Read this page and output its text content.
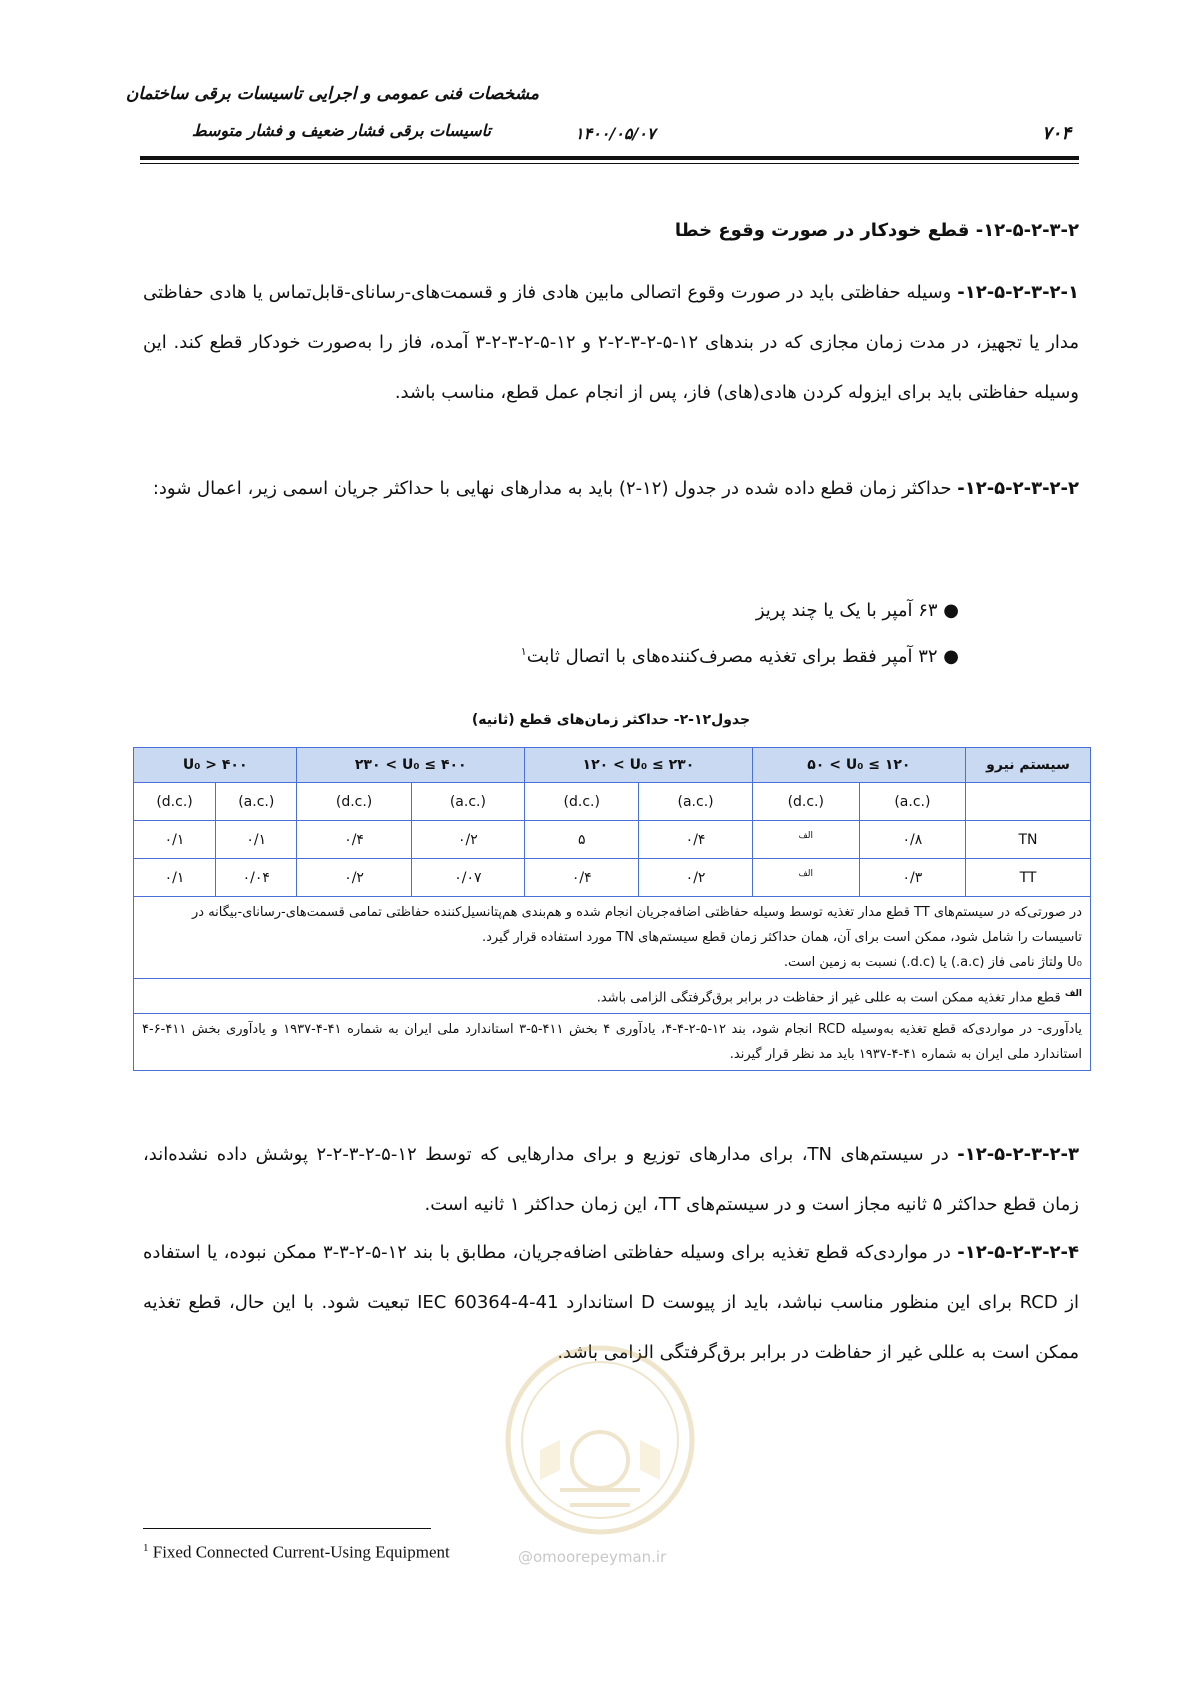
مشخصات فنی عمومی و اجرایی تاسیسات برقی ساختمان
تاسیسات برقی فشار ضعیف و فشار متوسط	۱۴۰۰/۰۵/۰۷	۷۰۴
۱۲-۵-۲-۳-۲- قطع خودکار در صورت وقوع خطا
۱۲-۵-۲-۳-۲-۱- وسیله حفاظتی باید در صورت وقوع اتصالی مابین هادی فاز و قسمت‌های-رسانای-قابل‌تماس یا هادی حفاظتی مدار یا تجهیز، در مدت زمان مجازی که در بندهای ۱۲-۵-۲-۳-۲-۲ و ۱۲-۵-۲-۳-۲-۳ آمده، فاز را به‌صورت خودکار قطع کند. این وسیله حفاظتی باید برای ایزوله کردن هادی(های) فاز، پس از انجام عمل قطع، مناسب باشد.
۱۲-۵-۲-۳-۲-۲- حداکثر زمان قطع داده شده در جدول (۱۲-۲) باید به مدارهای نهایی با حداکثر جریان اسمی زیر، اعمال شود:
● ۶۳ آمپر با یک یا چند پریز
● ۳۲ آمپر فقط برای تغذیه مصرف‌کننده‌های با اتصال ثابت$^۱$
جدول۱۲-۲- حداکثر زمان‌های قطع (ثانیه)
سیستم نیرو	۵۰ < U₀ ≤ ۱۲۰		۱۲۰ < U₀ ≤ ۲۳۰		۲۳۰ < U₀ ≤ ۴۰۰		U₀ > ۴۰۰	
	(a.c.)	(d.c.)	(a.c.)	(d.c.)	(a.c.)	(d.c.)	(a.c.)	(d.c.)
TN	۰/۸	$^{الف}$	۰/۴	۵	۰/۲	۰/۴	۰/۱	۰/۱
TT	۰/۳	$^{الف}$	۰/۲	۰/۴	۰/۰۷	۰/۲	۰/۰۴	۰/۱

در صورتی‌که در سیستم‌های TT قطع مدار تغذیه توسط وسیله حفاظتی اضافه‌جریان انجام شده و هم‌بندی هم‌پتانسیل‌کننده حفاظتی تمامی قسمت‌های-رسانای-بیگانه در تاسیسات را شامل شود، ممکن است برای آن، همان حداکثر زمان قطع سیستم‌های TN مورد استفاده قرار گیرد.
U₀ ولتاژ نامی فاز (a.c.) یا (d.c.) نسبت به زمین است.								

$^{الف}$ قطع مدار تغذیه ممکن است به عللی غیر از حفاظت در برابر برق‌گرفتگی الزامی باشد.								
یادآوری- در مواردی‌که قطع تغذیه به‌وسیله RCD انجام شود، بند ۱۲-۵-۲-۴-۴، یادآوری ۴ بخش ۴۱۱-۵-۳ استاندارد ملی ایران به شماره ۴۱-۴-۱۹۳۷ و یادآوری بخش ۴۱۱-۶-۴ استاندارد ملی ایران به شماره ۴۱-۴-۱۹۳۷ باید مد نظر قرار گیرند.								
۱۲-۵-۲-۳-۲-۳- در سیستم‌های TN، برای مدارهای توزیع و برای مدارهایی که توسط ۱۲-۵-۲-۳-۲-۲ پوشش داده نشده‌اند، زمان قطع حداکثر ۵ ثانیه مجاز است و در سیستم‌های TT، این زمان حداکثر ۱ ثانیه است.
۱۲-۵-۲-۳-۲-۴- در مواردی‌که قطع تغذیه برای وسیله حفاظتی اضافه‌جریان، مطابق با بند ۱۲-۵-۲-۳-۳ ممکن نبوده، یا استفاده از RCD برای این منظور مناسب نباشد، باید از پیوست D استاندارد IEC 60364-4-41 تبعیت شود. با این حال، قطع تغذیه ممکن است به عللی غیر از حفاظت در برابر برق‌گرفتگی الزامی باشد.
@omoorepeyman.ir
$^1$ Fixed Connected Current-Using Equipment
